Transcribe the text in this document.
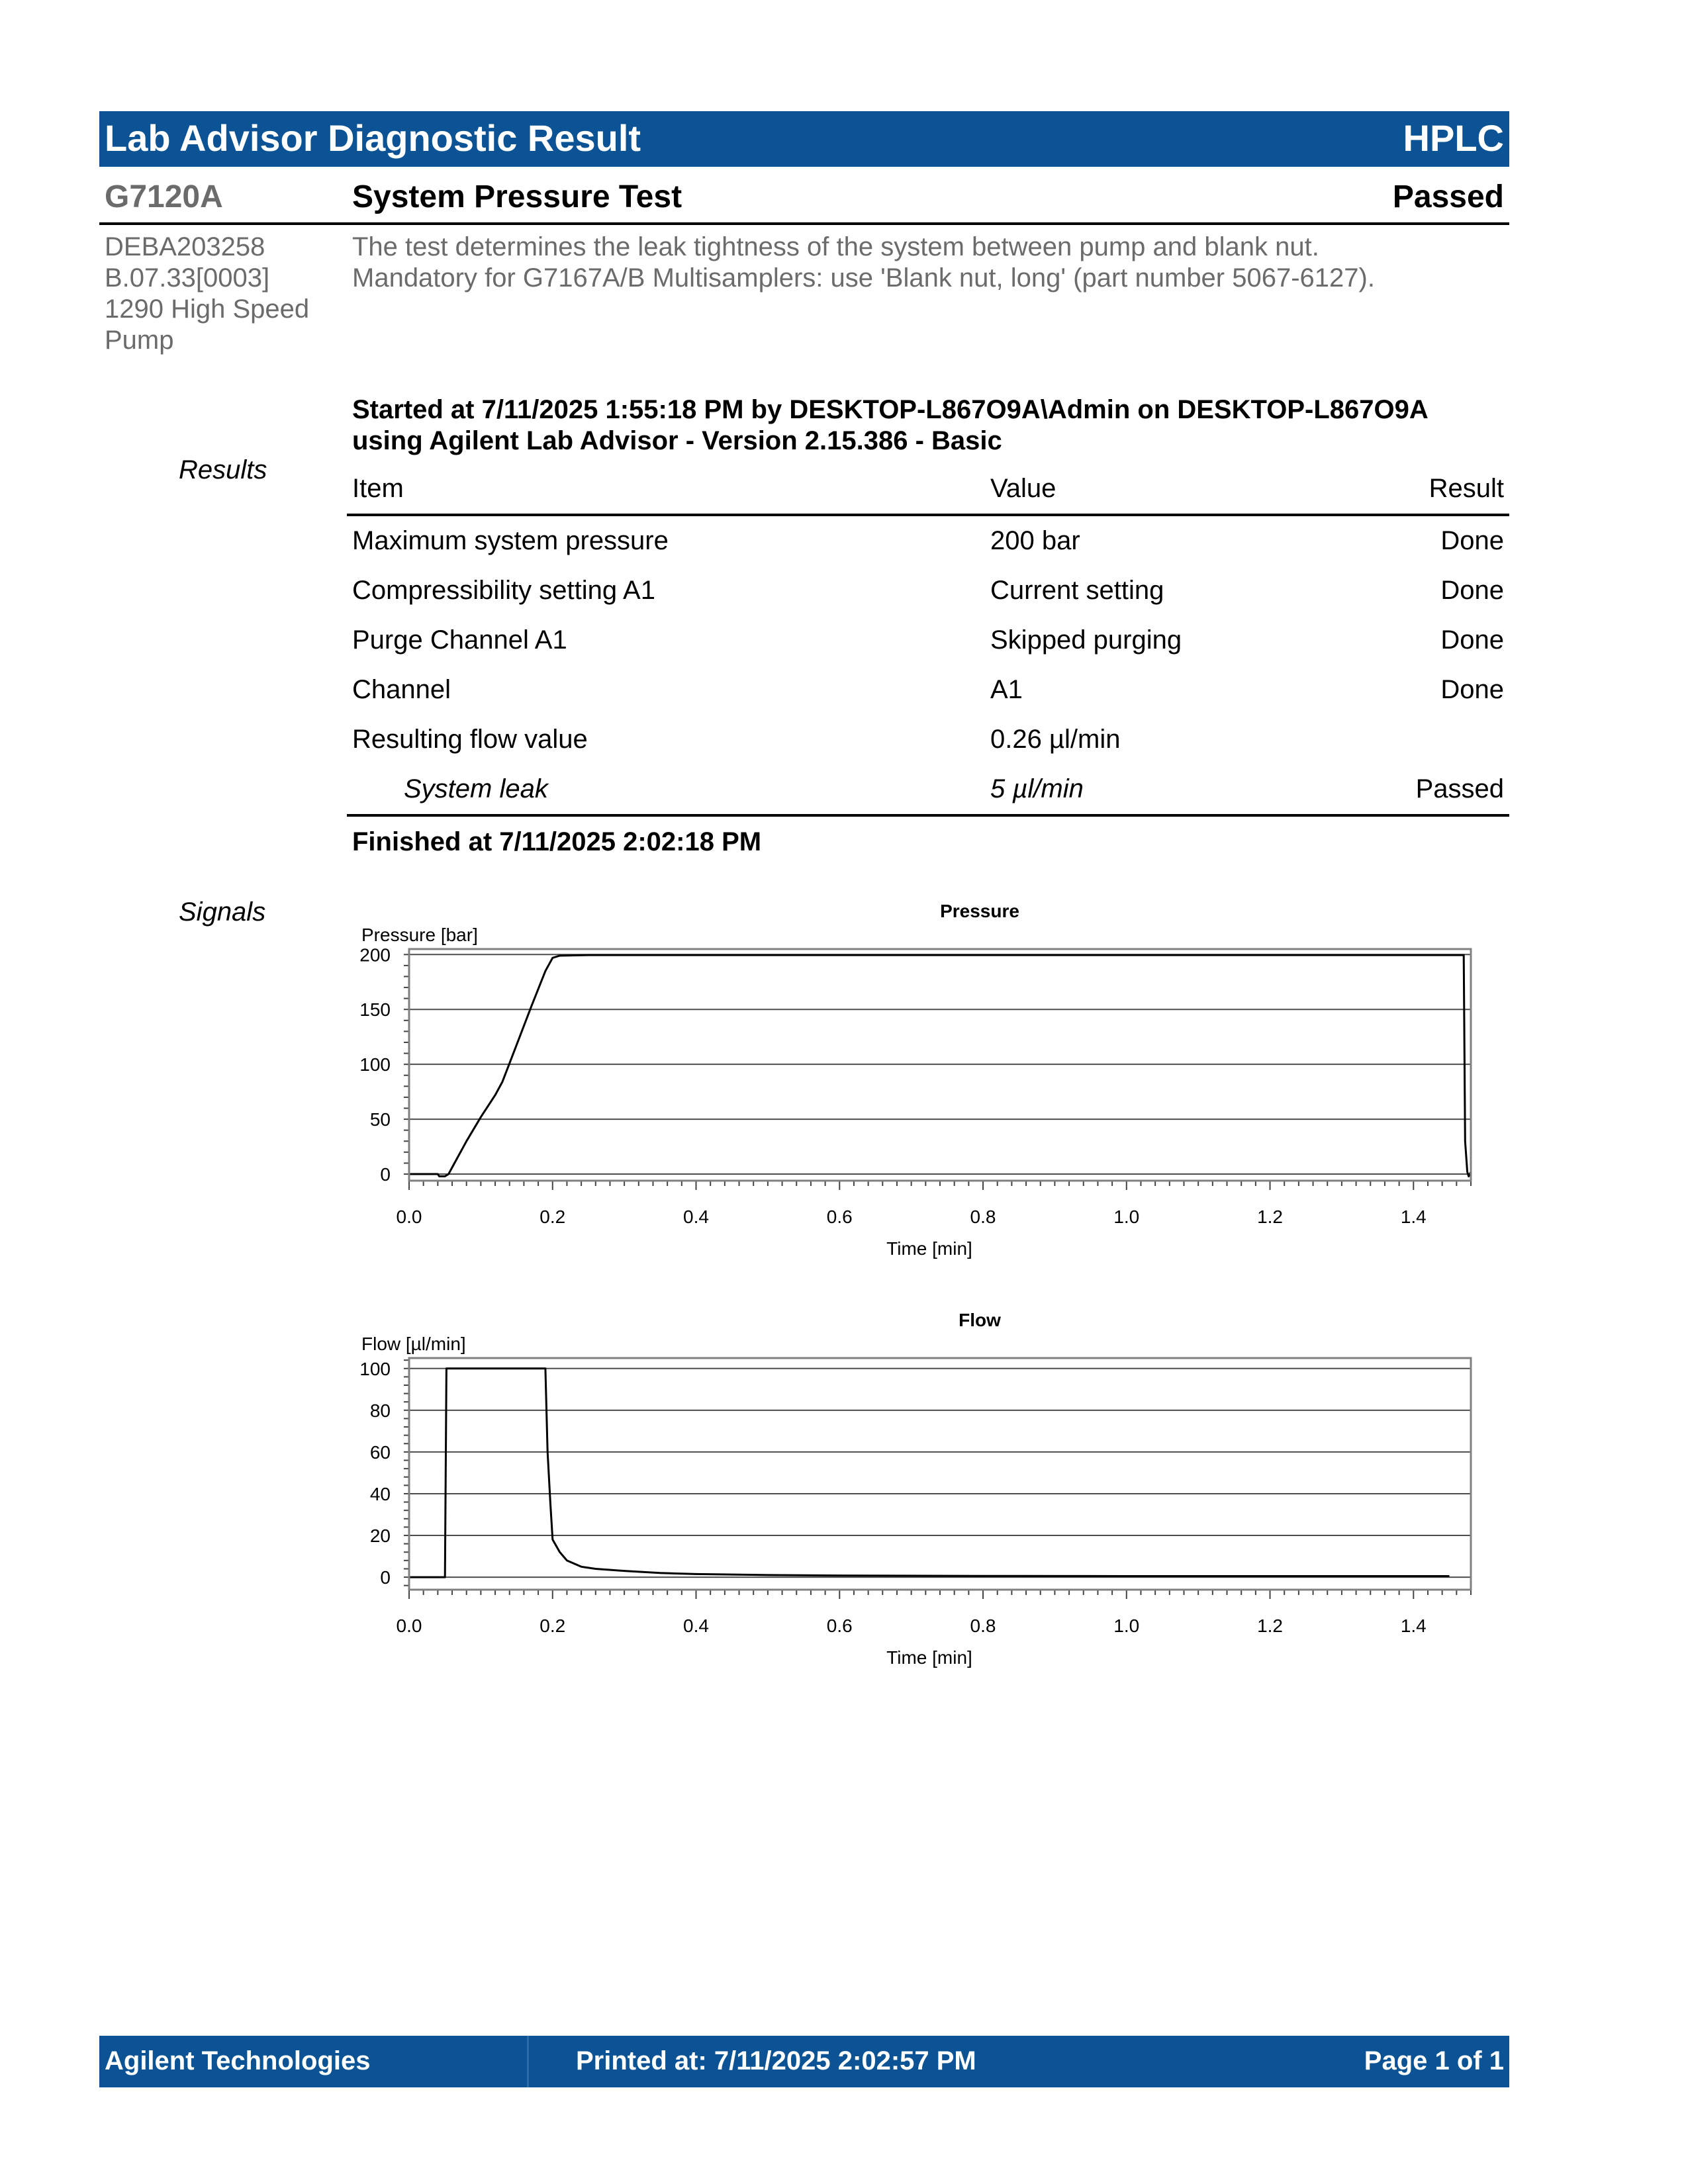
Lab Advisor Diagnostic Result	HPLC
G7120A	System Pressure Test	Passed
DEBA203258
B.07.33[0003]
1290 High Speed
Pump
The test determines the leak tightness of the system between pump and blank nut.
Mandatory for G7167A/B Multisamplers: use 'Blank nut, long' (part number 5067-6127).
Started at 7/11/2025 1:55:18 PM by DESKTOP-L867O9A\Admin on DESKTOP-L867O9A
using Agilent Lab Advisor - Version 2.15.386 - Basic
Results
Item	Value	Result
Maximum system pressure	200 bar	Done
Compressibility setting A1	Current setting	Done
Purge Channel A1	Skipped purging	Done
Channel	A1	Done
Resulting flow value	0.26 µl/min	
System leak	5 µl/min	Passed
Finished at 7/11/2025 2:02:18 PM
Signals	Pressure
Pressure [bar]
Time [min]
0.0	0.2	0.4	0.6	0.8	1.0	1.2	1.4
0
50
100
150
200
Flow
Flow [µl/min]
Time [min]
0.0	0.2	0.4	0.6	0.8	1.0	1.2	1.4
0
20
40
60
80
100
Agilent Technologies	Printed at: 7/11/2025 2:02:57 PM	Page 1 of 1
